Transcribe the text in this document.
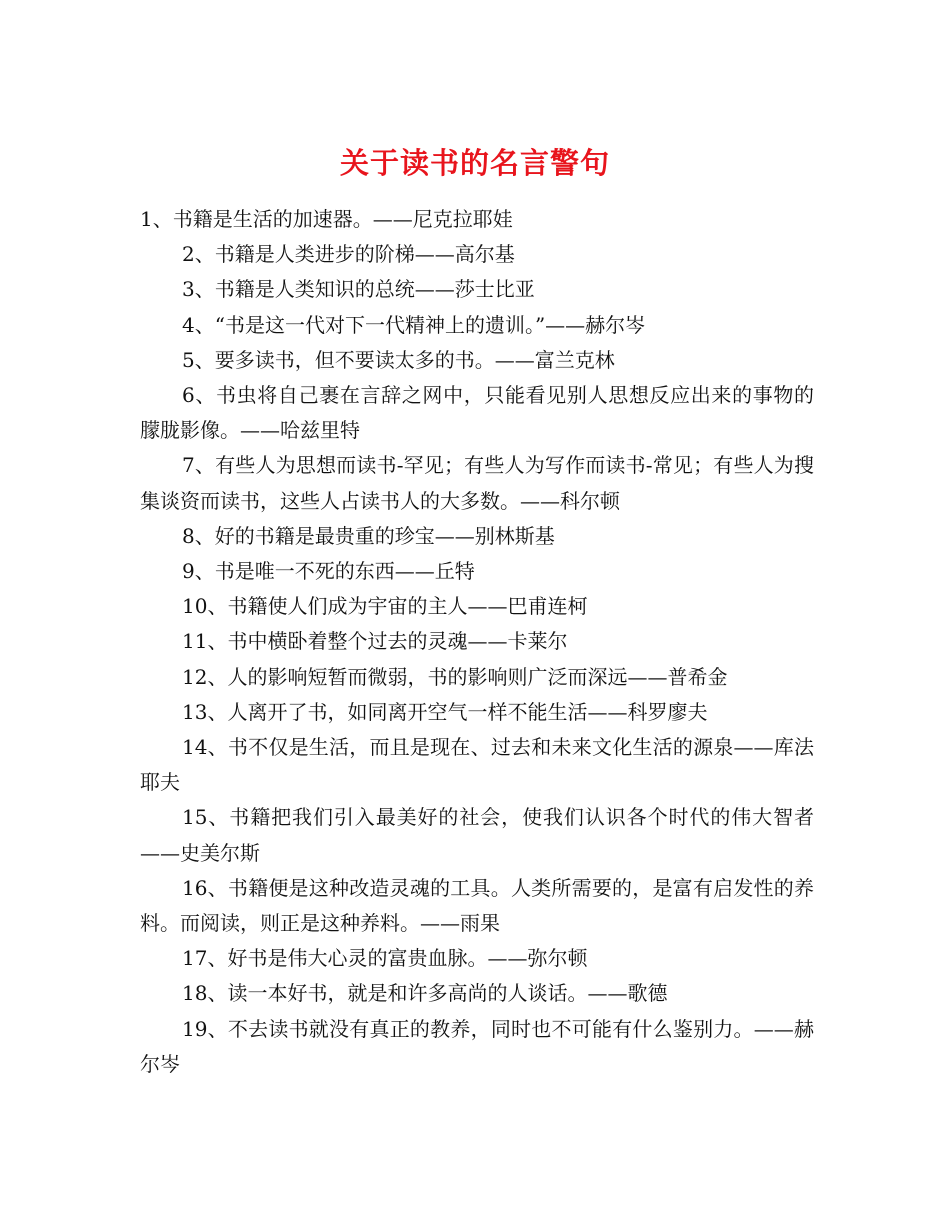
关于读书的名言警句

1、书籍是生活的加速器。——尼克拉耶娃

2、书籍是人类进步的阶梯——高尔基

3、书籍是人类知识的总统——莎士比亚

4、“书是这一代对下一代精神上的遗训。”——赫尔岑

5、要多读书，但不要读太多的书。——富兰克林

6、书虫将自己裹在言辞之网中，只能看见别人思想反应出来的事物的朦胧影像。——哈兹里特

7、有些人为思想而读书-罕见；有些人为写作而读书-常见；有些人为搜集谈资而读书，这些人占读书人的大多数。——科尔顿

8、好的书籍是最贵重的珍宝——别林斯基

9、书是唯一不死的东西——丘特

10、书籍使人们成为宇宙的主人——巴甫连柯

11、书中横卧着整个过去的灵魂——卡莱尔

12、人的影响短暂而微弱，书的影响则广泛而深远——普希金

13、人离开了书，如同离开空气一样不能生活——科罗廖夫

14、书不仅是生活，而且是现在、过去和未来文化生活的源泉——库法耶夫

15、书籍把我们引入最美好的社会，使我们认识各个时代的伟大智者——史美尔斯

16、书籍便是这种改造灵魂的工具。人类所需要的，是富有启发性的养料。而阅读，则正是这种养料。——雨果

17、好书是伟大心灵的富贵血脉。——弥尔顿

18、读一本好书，就是和许多高尚的人谈话。——歌德

19、不去读书就没有真正的教养，同时也不可能有什么鉴别力。——赫尔岑
